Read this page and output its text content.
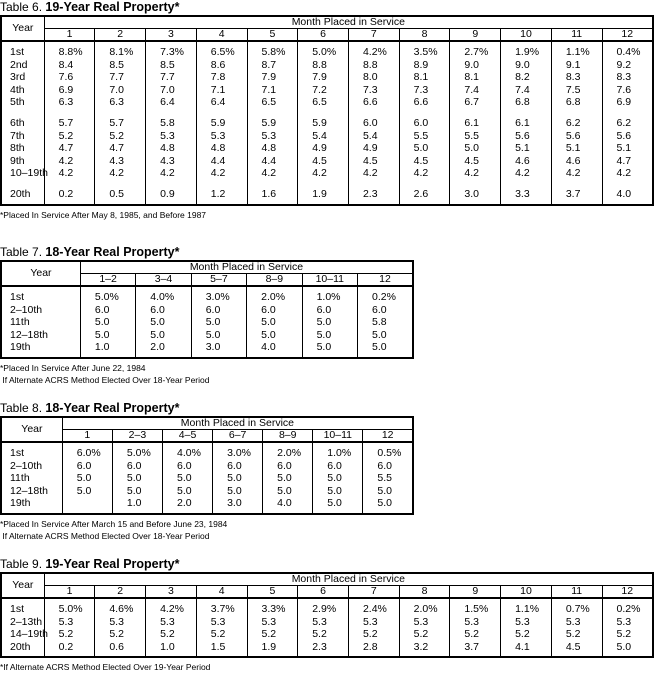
Table 6. 19-Year Real Property*
Year	Month Placed in Service											
	1	2	3	4	5	6	7	8	9	10	11	12
1st	8.8%	8.1%	7.3%	6.5%	5.8%	5.0%	4.2%	3.5%	2.7%	1.9%	1.1%	0.4%
2nd	8.4	8.5	8.5	8.6	8.7	8.8	8.8	8.9	9.0	9.0	9.1	9.2
3rd	7.6	7.7	7.7	7.8	7.9	7.9	8.0	8.1	8.1	8.2	8.3	8.3
4th	6.9	7.0	7.0	7.1	7.1	7.2	7.3	7.3	7.4	7.4	7.5	7.6
5th	6.3	6.3	6.4	6.4	6.5	6.5	6.6	6.6	6.7	6.8	6.8	6.9

6th	5.7	5.7	5.8	5.9	5.9	5.9	6.0	6.0	6.1	6.1	6.2	6.2
7th	5.2	5.2	5.3	5.3	5.3	5.4	5.4	5.5	5.5	5.6	5.6	5.6
8th	4.7	4.7	4.8	4.8	4.8	4.9	4.9	5.0	5.0	5.1	5.1	5.1
9th	4.2	4.3	4.3	4.4	4.4	4.5	4.5	4.5	4.5	4.6	4.6	4.7
10–19th	4.2	4.2	4.2	4.2	4.2	4.2	4.2	4.2	4.2	4.2	4.2	4.2

20th	0.2	0.5	0.9	1.2	1.6	1.9	2.3	2.6	3.0	3.3	3.7	4.0
*Placed In Service After May 8, 1985, and Before 1987
Table 7. 18-Year Real Property*
Year	Month Placed in Service					
	1–2	3–4	5–7	8–9	10–11	12
1st	5.0%	4.0%	3.0%	2.0%	1.0%	0.2%
2–10th	6.0	6.0	6.0	6.0	6.0	6.0
11th	5.0	5.0	5.0	5.0	5.0	5.8
12–18th	5.0	5.0	5.0	5.0	5.0	5.0
19th	1.0	2.0	3.0	4.0	5.0	5.0
*Placed In Service After June 22, 1984
If Alternate ACRS Method Elected Over 18-Year Period
Table 8. 18-Year Real Property*
Year	Month Placed in Service						
	1	2–3	4–5	6–7	8–9	10–11	12
1st	6.0%	5.0%	4.0%	3.0%	2.0%	1.0%	0.5%
2–10th	6.0	6.0	6.0	6.0	6.0	6.0	6.0
11th	5.0	5.0	5.0	5.0	5.0	5.0	5.5
12–18th	5.0	5.0	5.0	5.0	5.0	5.0	5.0
19th		1.0	2.0	3.0	4.0	5.0	5.0
*Placed In Service After March 15 and Before June 23, 1984
If Alternate ACRS Method Elected Over 18-Year Period
Table 9. 19-Year Real Property*
Year	Month Placed in Service											
	1	2	3	4	5	6	7	8	9	10	11	12
1st	5.0%	4.6%	4.2%	3.7%	3.3%	2.9%	2.4%	2.0%	1.5%	1.1%	0.7%	0.2%
2–13th	5.3	5.3	5.3	5.3	5.3	5.3	5.3	5.3	5.3	5.3	5.3	5.3
14–19th	5.2	5.2	5.2	5.2	5.2	5.2	5.2	5.2	5.2	5.2	5.2	5.2
20th	0.2	0.6	1.0	1.5	1.9	2.3	2.8	3.2	3.7	4.1	4.5	5.0
*If Alternate ACRS Method Elected Over 19-Year Period
